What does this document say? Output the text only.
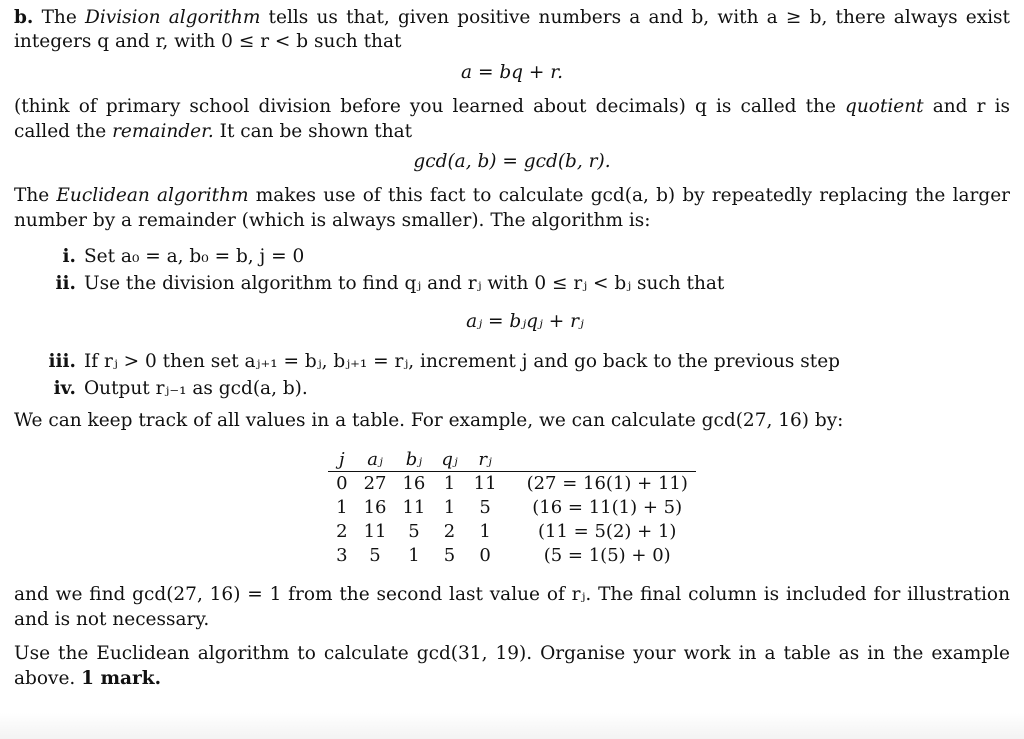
b. The Division algorithm tells us that, given positive numbers a and b, with a ≥ b, there always exist integers q and r, with 0 ≤ r < b such that

a = bq + r.

(think of primary school division before you learned about decimals) q is called the quotient and r is called the remainder. It can be shown that

gcd(a, b) = gcd(b, r).

The Euclidean algorithm makes use of this fact to calculate gcd(a, b) by repeatedly replacing the larger number by a remainder (which is always smaller). The algorithm is:

i. Set a₀ = a, b₀ = b, j = 0
ii. Use the division algorithm to find qⱼ and rⱼ with 0 ≤ rⱼ < bⱼ such that
aⱼ = bⱼqⱼ + rⱼ
iii. If rⱼ > 0 then set aⱼ₊₁ = bⱼ, bⱼ₊₁ = rⱼ, increment j and go back to the previous step
iv. Output rⱼ₋₁ as gcd(a, b).

We can keep track of all values in a table. For example, we can calculate gcd(27, 16) by:

j	aⱼ	bⱼ	qⱼ	rⱼ	
0	27	16	1	11	(27 = 16(1) + 11)
1	16	11	1	5	(16 = 11(1) + 5)
2	11	5	2	1	(11 = 5(2) + 1)
3	5	1	5	0	(5 = 1(5) + 0)

and we find gcd(27, 16) = 1 from the second last value of rⱼ. The final column is included for illustration and is not necessary.

Use the Euclidean algorithm to calculate gcd(31, 19). Organise your work in a table as in the example above. 1 mark.
